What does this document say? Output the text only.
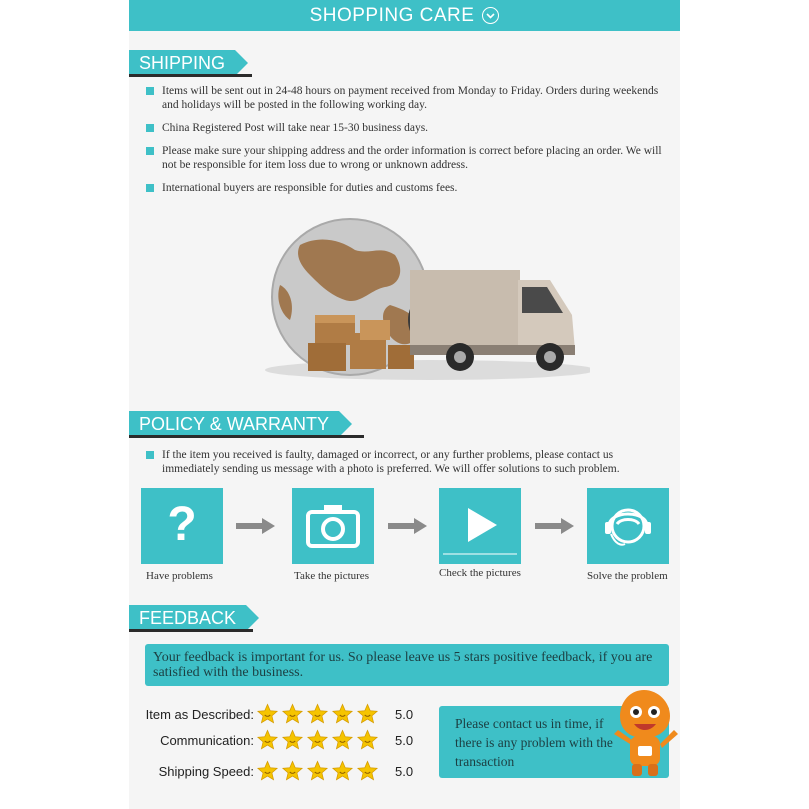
SHOPPING CARE
SHIPPING
Items will be sent out in 24-48 hours on payment received from Monday to Friday. Orders during weekends and holidays will be posted in the following working day.
China Registered Post will take near 15-30 business days.
Please make sure your shipping address and the order information is correct before placing an order. We will not be responsible for item loss due to wrong or unknown address.
International buyers are responsible for duties and customs fees.
POLICY & WARRANTY
If the item you received is faulty, damaged or incorrect, or any further problems, please contact us immediately sending us message with a photo is preferred. We will offer solutions to such problem.
?
Have problems	Take the pictures	Check the pictures	Solve the problem
FEEDBACK
Your feedback is important for us. So please leave us 5 stars positive feedback, if you are satisfied with the business.
Item as Described:	5.0
Communication:	5.0
Shipping Speed:	5.0
Please contact us in time, if there is any problem with the transaction
